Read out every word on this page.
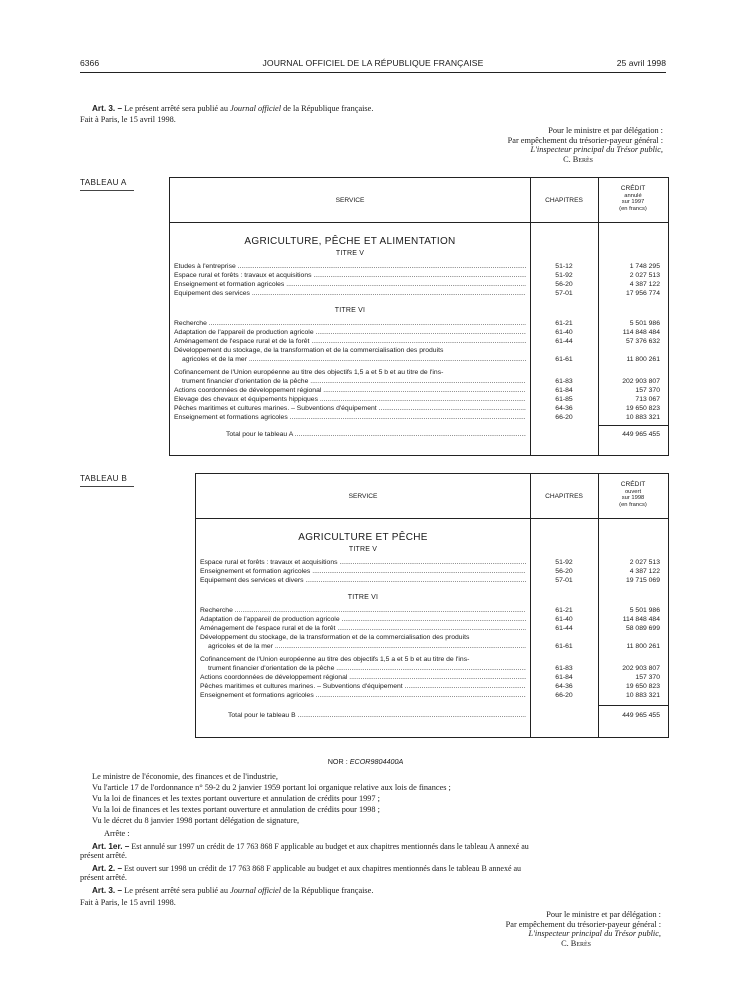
6366	JOURNAL OFFICIEL DE LA RÉPUBLIQUE FRANÇAISE	25 avril 1998
Art. 3. – Le présent arrêté sera publié au Journal officiel de la République française.
Fait à Paris, le 15 avril 1998.
Pour le ministre et par délégation :
Par empêchement du trésorier-payeur général :
L'inspecteur principal du Trésor public,
C. Berès
TABLEAU A
SERVICE	CHAPITRES
CRÉDIT
annulé
sur 1997
(en francs)
AGRICULTURE, PÊCHE ET ALIMENTATION
TITRE V
Etudes à l'entreprise .....	51-12	1 748 295
Espace rural et forêts : travaux et acquisitions .....	51-92	2 027 513
Enseignement et formation agricoles .....	56-20	4 387 122
Equipement des services .....	57-01	17 956 774
TITRE VI
Recherche .....	61-21	5 501 986
Adaptation de l'appareil de production agricole .....	61-40	114 848 484
Aménagement de l'espace rural et de la forêt .....	61-44	57 376 632
Développement du stockage, de la transformation et de la commercialisation des produits
agricoles et de la mer .....	61-61	11 800 261
Cofinancement de l'Union européenne au titre des objectifs 1,5 a et 5 b et au titre de l'ins-
trument financier d'orientation de la pêche .....	61-83	202 903 807
Actions coordonnées de développement régional .....	61-84	157 370
Elevage des chevaux et équipements hippiques .....	61-85	713 067
Pêches maritimes et cultures marines. – Subventions d'équipement .....	64-36	19 650 823
Enseignement et formations agricoles .....	66-20	10 883 321
Total pour le tableau A .....	449 965 455
TABLEAU B
SERVICE	CHAPITRES
CRÉDIT
ouvert
sur 1998
(en francs)
AGRICULTURE ET PÊCHE
TITRE V
Espace rural et forêts : travaux et acquisitions .....	51-92	2 027 513
Enseignement et formation agricoles .....	56-20	4 387 122
Equipement des services et divers .....	57-01	19 715 069
TITRE VI
Recherche .....	61-21	5 501 986
Adaptation de l'appareil de production agricole .....	61-40	114 848 484
Aménagement de l'espace rural et de la forêt .....	61-44	58 089 699
Développement du stockage, de la transformation et de la commercialisation des produits
agricoles et de la mer .....	61-61	11 800 261
Cofinancement de l'Union européenne au titre des objectifs 1,5 a et 5 b et au titre de l'ins-
trument financier d'orientation de la pêche .....	61-83	202 903 807
Actions coordonnées de développement régional .....	61-84	157 370
Pêches maritimes et cultures marines. – Subventions d'équipement .....	64-36	19 650 823
Enseignement et formations agricoles .....	66-20	10 883 321
Total pour le tableau B .....	449 965 455
NOR : ECOR9804400A
Le ministre de l'économie, des finances et de l'industrie,
Vu l'article 17 de l'ordonnance n° 59-2 du 2 janvier 1959 portant loi organique relative aux lois de finances ;
Vu la loi de finances et les textes portant ouverture et annulation de crédits pour 1997 ;
Vu la loi de finances et les textes portant ouverture et annulation de crédits pour 1998 ;
Vu le décret du 8 janvier 1998 portant délégation de signature,
Arrête :
Art. 1er. – Est annulé sur 1997 un crédit de 17 763 868 F applicable au budget et aux chapitres mentionnés dans le tableau A annexé au
présent arrêté.
Art. 2. – Est ouvert sur 1998 un crédit de 17 763 868 F applicable au budget et aux chapitres mentionnés dans le tableau B annexé au
présent arrêté.
Art. 3. – Le présent arrêté sera publié au Journal officiel de la République française.
Fait à Paris, le 15 avril 1998.
Pour le ministre et par délégation :
Par empêchement du trésorier-payeur général :
L'inspecteur principal du Trésor public,
C. Berès
